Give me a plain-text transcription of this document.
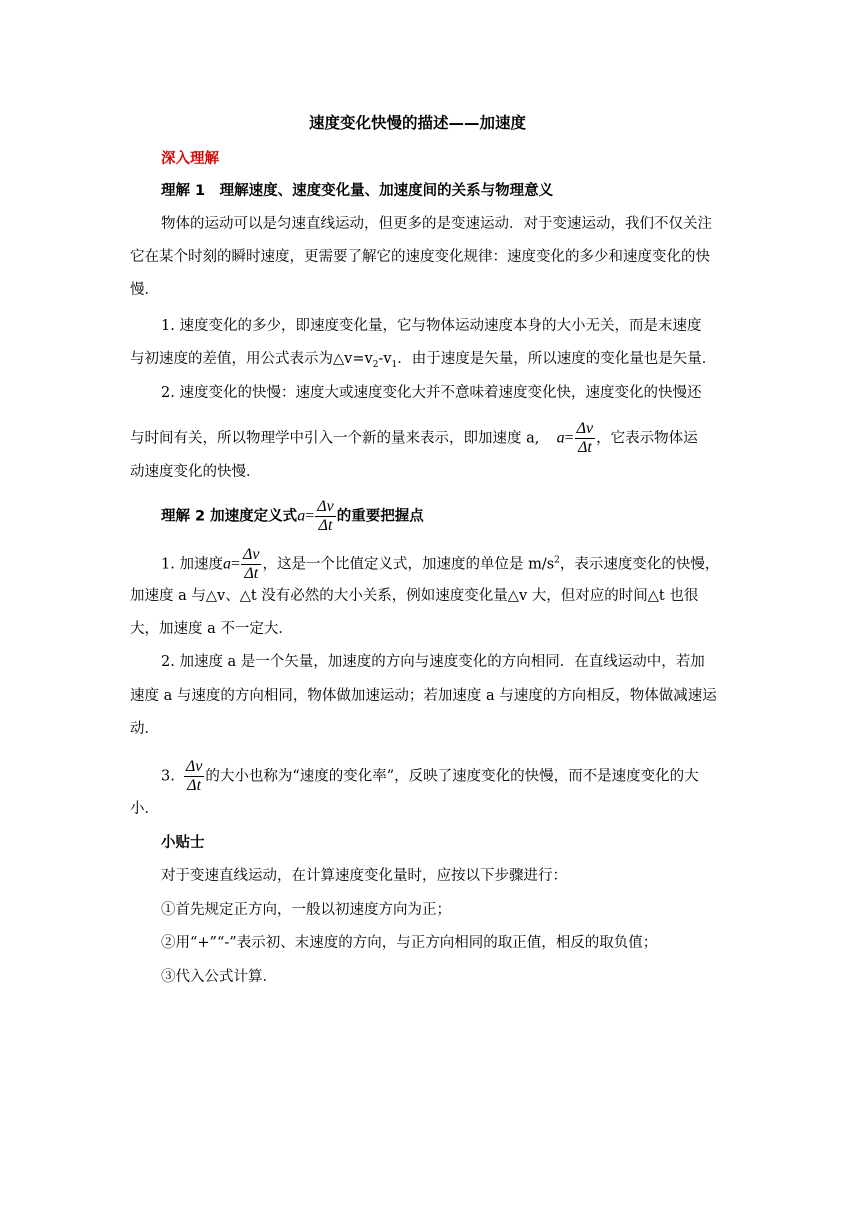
速度变化快慢的描述——加速度
深入理解
理解 1　理解速度、速度变化量、加速度间的关系与物理意义
物体的运动可以是匀速直线运动，但更多的是变速运动．对于变速运动，我们不仅关注
它在某个时刻的瞬时速度，更需要了解它的速度变化规律：速度变化的多少和速度变化的快
慢．
1. 速度变化的多少，即速度变化量，它与物体运动速度本身的大小无关，而是末速度
与初速度的差值，用公式表示为$\triangle v=v_2-v_1$．由于速度是矢量，所以速度的变化量也是矢量．
2. 速度变化的快慢：速度大或速度变化大并不意味着速度变化快，速度变化的快慢还
与时间有关，所以物理学中引入一个新的量来表示，即加速度 a, $a= \frac{\Delta v}{\Delta t}$ ，它表示物体运
动速度变化的快慢．
理解 2 加速度定义式$a= \frac{\Delta v}{\Delta t}$ 的重要把握点
1. 加速度$a= \frac{\Delta v}{\Delta t}$ ，这是一个比值定义式，加速度的单位是 $m/s^2$，表示速度变化的快慢，
加速度 a 与△v、△t 没有必然的大小关系，例如速度变化量△v 大，但对应的时间△t 也很
大，加速度 a 不一定大．
2. 加速度 a 是一个矢量，加速度的方向与速度变化的方向相同．在直线运动中，若加
速度 a 与速度的方向相同，物体做加速运动；若加速度 a 与速度的方向相反，物体做减速运
动．
3. $\frac{\Delta v}{\Delta t}$ 的大小也称为“速度的变化率”，反映了速度变化的快慢，而不是速度变化的大
小．
小贴士
对于变速直线运动，在计算速度变化量时，应按以下步骤进行：
①首先规定正方向，一般以初速度方向为正；
②用“+”“-”表示初、末速度的方向，与正方向相同的取正值，相反的取负值；
③代入公式计算．
